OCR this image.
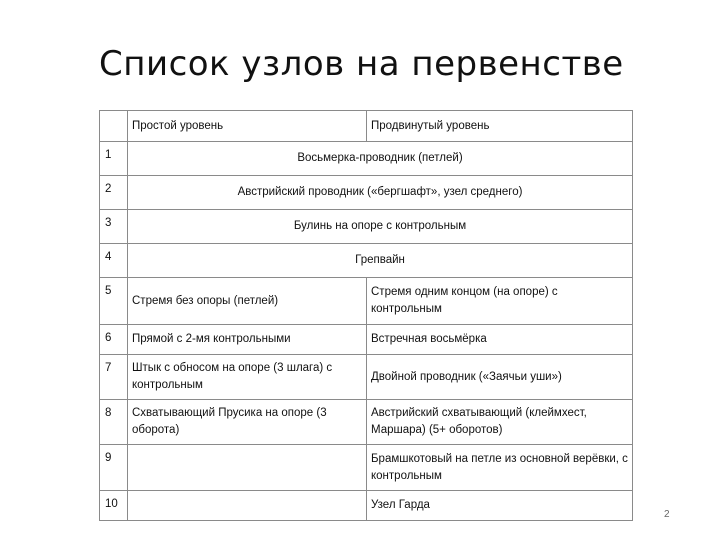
Список узлов на первенстве
	Простой уровень	Продвинутый уровень
1	Восьмерка-проводник (петлей)	
2	Австрийский проводник («бергшафт», узел среднего)	
3	Булинь на опоре с контрольным	
4	Грепвайн	
5	Стремя без опоры (петлей)	Стремя одним концом (на опоре) с контрольным
6	Прямой с 2-мя контрольными	Встречная восьмёрка
7	Штык с обносом на опоре (3 шлага) с контрольным	Двойной проводник («Заячьи уши»)
8	Схватывающий Прусика на опоре (3 оборота)	Австрийский схватывающий (клеймхест, Маршара) (5+ оборотов)
9		Брамшкотовый на петле из основной верёвки, с контрольным
10		Узел Гарда
2
